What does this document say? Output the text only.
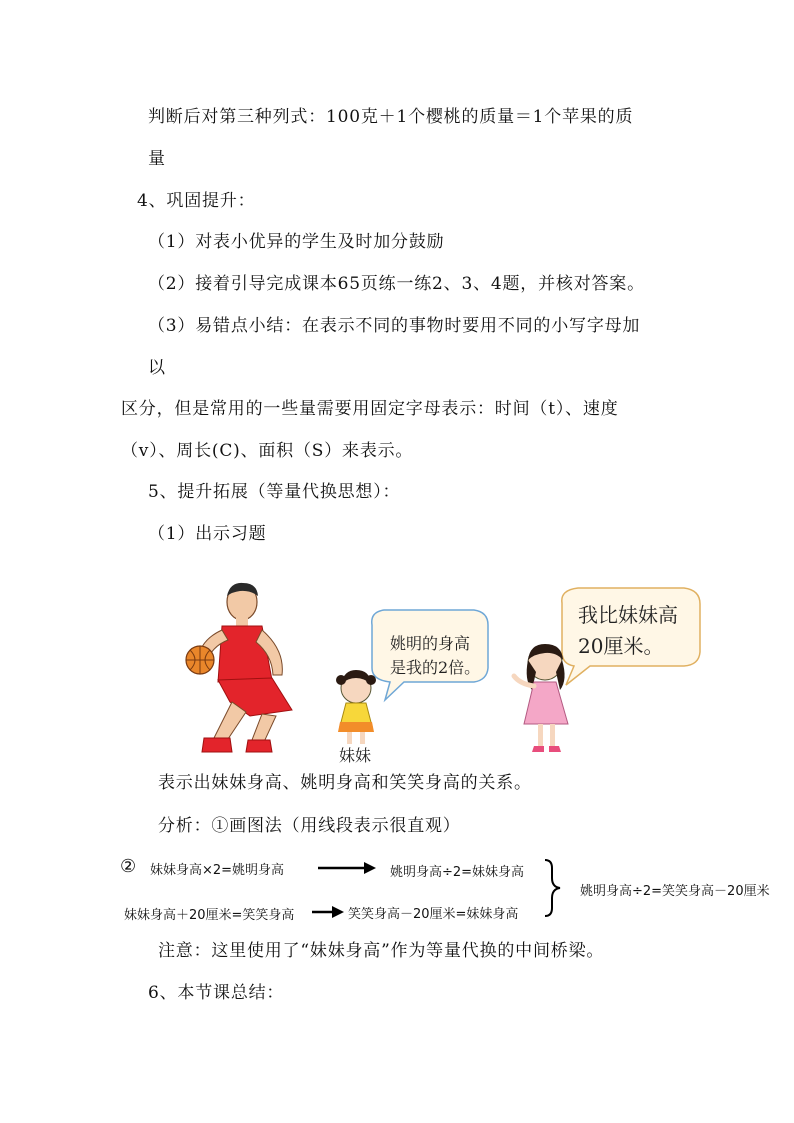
判断后对第三种列式：100克＋1个樱桃的质量＝1个苹果的质
量
4、巩固提升：
（1）对表小优异的学生及时加分鼓励
（2）接着引导完成课本65页练一练2、3、4题，并核对答案。
（3）易错点小结：在表示不同的事物时要用不同的小写字母加
以
区分，但是常用的一些量需要用固定字母表示：时间（t）、速度
（v）、周长(C)、面积（S）来表示。
5、提升拓展（等量代换思想）：
（1）出示习题
姚明的身高
是我的2倍。
我比妹妹高
20厘米。
妹妹
表示出妹妹身高、姚明身高和笑笑身高的关系。
分析：①画图法（用线段表示很直观）
② 妹妹身高×2=姚明身高	姚明身高÷2=妹妹身高
妹妹身高＋20厘米=笑笑身高	笑笑身高－20厘米=妹妹身高
姚明身高÷2=笑笑身高－20厘米
注意：这里使用了“妹妹身高”作为等量代换的中间桥梁。
6、本节课总结：
